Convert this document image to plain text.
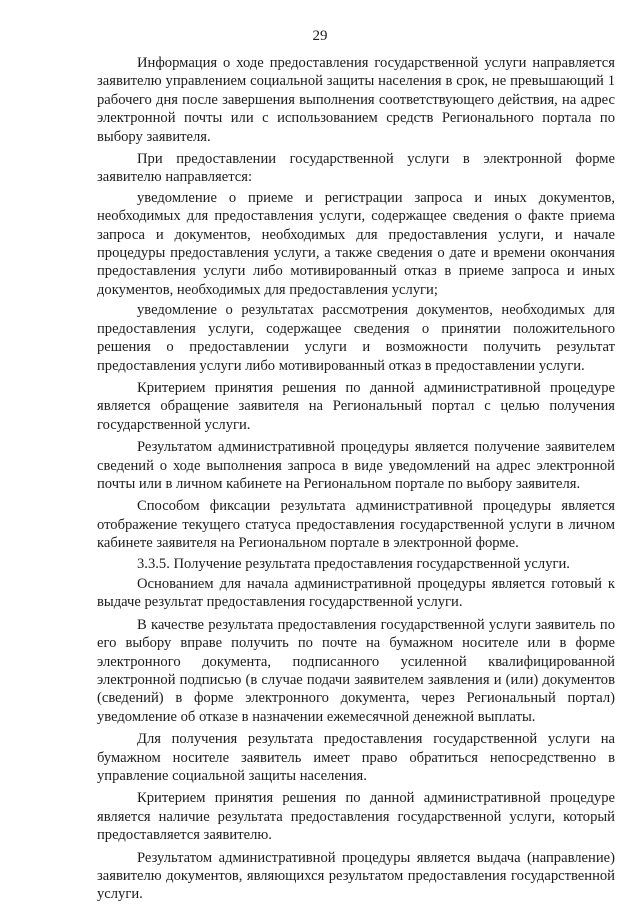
29

Информация о ходе предоставления государственной услуги направляется заявителю управлением социальной защиты населения в срок, не превышающий 1 рабочего дня после завершения выполнения соответствующего действия, на адрес электронной почты или с использованием средств Регионального портала по выбору заявителя.

При предоставлении государственной услуги в электронной форме заявителю направляется:

уведомление о приеме и регистрации запроса и иных документов, необходимых для предоставления услуги, содержащее сведения о факте приема запроса и документов, необходимых для предоставления услуги, и начале процедуры предоставления услуги, а также сведения о дате и времени окончания предоставления услуги либо мотивированный отказ в приеме запроса и иных документов, необходимых для предоставления услуги;

уведомление о результатах рассмотрения документов, необходимых для предоставления услуги, содержащее сведения о принятии положительного решения о предоставлении услуги и возможности получить результат предоставления услуги либо мотивированный отказ в предоставлении услуги.

Критерием принятия решения по данной административной процедуре является обращение заявителя на Региональный портал с целью получения государственной услуги.

Результатом административной процедуры является получение заявителем сведений о ходе выполнения запроса в виде уведомлений на адрес электронной почты или в личном кабинете на Региональном портале по выбору заявителя.

Способом фиксации результата административной процедуры является отображение текущего статуса предоставления государственной услуги в личном кабинете заявителя на Региональном портале в электронной форме.

3.3.5. Получение результата предоставления государственной услуги.

Основанием для начала административной процедуры является готовый к выдаче результат предоставления государственной услуги.

В качестве результата предоставления государственной услуги заявитель по его выбору вправе получить по почте на бумажном носителе или в форме электронного документа, подписанного усиленной квалифицированной электронной подписью (в случае подачи заявителем заявления и (или) документов (сведений) в форме электронного документа, через Региональный портал) уведомление об отказе в назначении ежемесячной денежной выплаты.

Для получения результата предоставления государственной услуги на бумажном носителе заявитель имеет право обратиться непосредственно в управление социальной защиты населения.

Критерием принятия решения по данной административной процедуре является наличие результата предоставления государственной услуги, который предоставляется заявителю.

Результатом административной процедуры является выдача (направление) заявителю документов, являющихся результатом предоставления государственной услуги.
